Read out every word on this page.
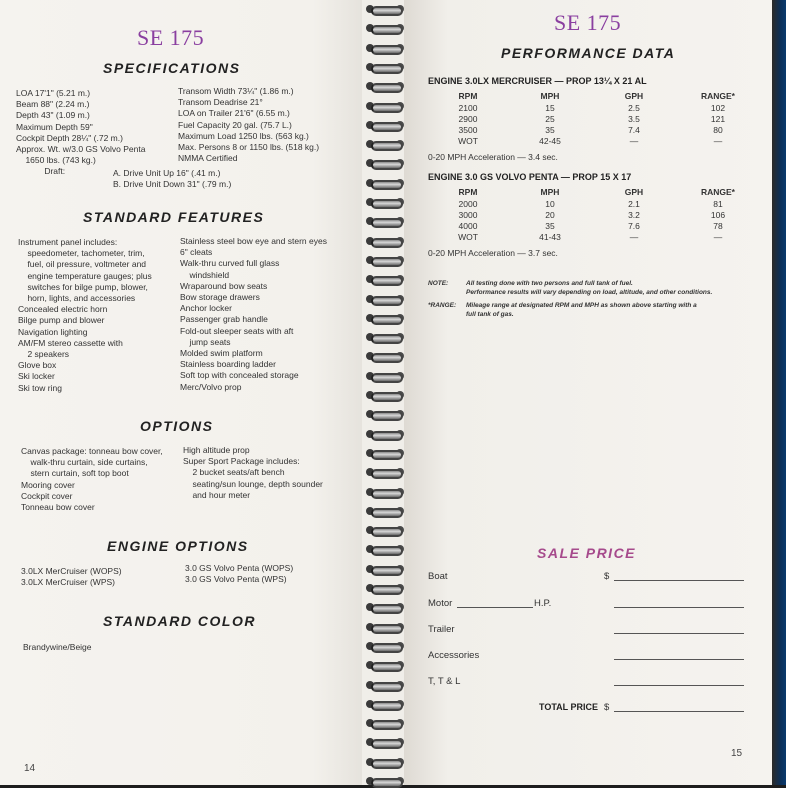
SE 175
SPECIFICATIONS
LOA 17'1" (5.21 m.)
Beam 88" (2.24 m.)
Depth 43" (1.09 m.)
Maximum Depth 59"
Cockpit Depth 28¼" (.72 m.)
Approx. Wt. w/3.0 GS Volvo Penta
1650 lbs. (743 kg.)
Draft:
Transom Width 73¼" (1.86 m.)
Transom Deadrise 21°
LOA on Trailer 21'6" (6.55 m.)
Fuel Capacity 20 gal. (75.7 L.)
Maximum Load 1250 lbs. (563 kg.)
Max. Persons 8 or 1150 lbs. (518 kg.)
NMMA Certified
A. Drive Unit Up 16" (.41 m.)
B. Drive Unit Down 31" (.79 m.)
STANDARD FEATURES
Instrument panel includes:
speedometer, tachometer, trim,
fuel, oil pressure, voltmeter and
engine temperature gauges; plus
switches for bilge pump, blower,
horn, lights, and accessories
Concealed electric horn
Bilge pump and blower
Navigation lighting
AM/FM stereo cassette with
2 speakers
Glove box
Ski locker
Ski tow ring
Stainless steel bow eye and stern eyes
6" cleats
Walk-thru curved full glass
windshield
Wraparound bow seats
Bow storage drawers
Anchor locker
Passenger grab handle
Fold-out sleeper seats with aft
jump seats
Molded swim platform
Stainless boarding ladder
Soft top with concealed storage
Merc/Volvo prop
OPTIONS
Canvas package: tonneau bow cover,
walk-thru curtain, side curtains,
stern curtain, soft top boot
Mooring cover
Cockpit cover
Tonneau bow cover
High altitude prop
Super Sport Package includes:
2 bucket seats/aft bench
seating/sun lounge, depth sounder
and hour meter
ENGINE OPTIONS
3.0LX MerCruiser (WOPS)
3.0LX MerCruiser (WPS)
3.0 GS Volvo Penta (WOPS)
3.0 GS Volvo Penta (WPS)
STANDARD COLOR
Brandywine/Beige
14
SE 175
PERFORMANCE DATA
ENGINE 3.0LX MERCRUISER — PROP 13¼ X 21 AL
RPM	MPH	GPH	RANGE*
2100	15	2.5	102
2900	25	3.5	121
3500	35	7.4	80
WOT	42-45	—	—
0-20 MPH Acceleration — 3.4 sec.
ENGINE 3.0 GS VOLVO PENTA — PROP 15 X 17
RPM	MPH	GPH	RANGE*
2000	10	2.1	81
3000	20	3.2	106
4000	35	7.6	78
WOT	41-43	—	—
0-20 MPH Acceleration — 3.7 sec.
NOTE:	All testing done with two persons and full tank of fuel.
Performance results will vary depending on load, altitude, and other conditions.
*RANGE: Mileage range at designated RPM and MPH as shown above starting with a
full tank of gas.
SALE PRICE
Boat	$
Motor	H.P.
Trailer
Accessories
T, T & L
TOTAL PRICE $
15
